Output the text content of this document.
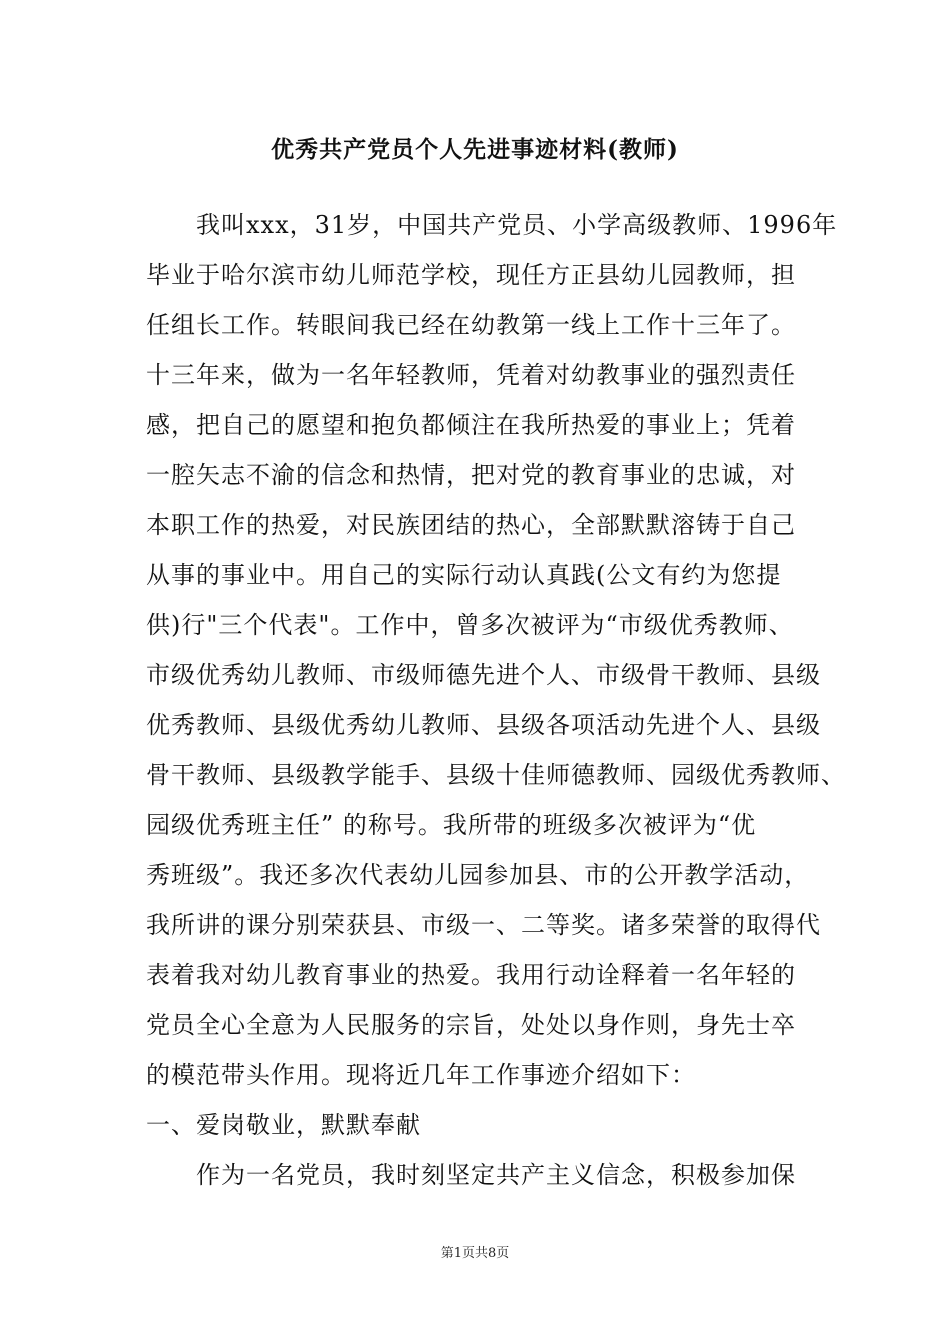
优秀共产党员个人先进事迹材料(教师)
我叫xxx，31岁，中国共产党员、小学高级教师、1996年
毕业于哈尔滨市幼儿师范学校，现任方正县幼儿园教师，担
任组长工作。转眼间我已经在幼教第一线上工作十三年了。
十三年来，做为一名年轻教师，凭着对幼教事业的强烈责任
感，把自己的愿望和抱负都倾注在我所热爱的事业上；凭着
一腔矢志不渝的信念和热情，把对党的教育事业的忠诚，对
本职工作的热爱，对民族团结的热心，全部默默溶铸于自己
从事的事业中。用自己的实际行动认真践(公文有约为您提
供)行"三个代表"。工作中，曾多次被评为“市级优秀教师、
市级优秀幼儿教师、市级师德先进个人、市级骨干教师、县级
优秀教师、县级优秀幼儿教师、县级各项活动先进个人、县级
骨干教师、县级教学能手、县级十佳师德教师、园级优秀教师、
园级优秀班主任” 的称号。我所带的班级多次被评为“优
秀班级”。我还多次代表幼儿园参加县、市的公开教学活动，
我所讲的课分别荣获县、市级一、二等奖。诸多荣誉的取得代
表着我对幼儿教育事业的热爱。我用行动诠释着一名年轻的
党员全心全意为人民服务的宗旨，处处以身作则，身先士卒
的模范带头作用。现将近几年工作事迹介绍如下：
一、爱岗敬业，默默奉献
作为一名党员，我时刻坚定共产主义信念，积极参加保
第1页共8页
